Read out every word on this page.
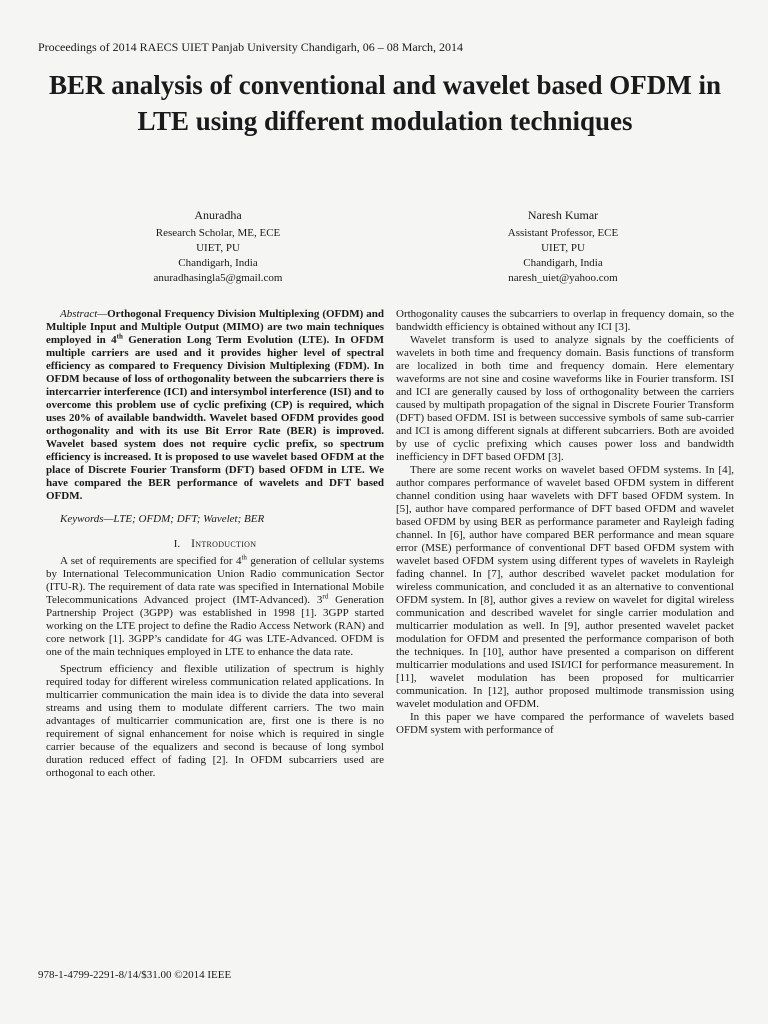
Proceedings of 2014 RAECS UIET Panjab University Chandigarh, 06 – 08 March, 2014
BER analysis of conventional and wavelet based OFDM in LTE using different modulation techniques
Anuradha
Research Scholar, ME, ECE
UIET, PU
Chandigarh, India
anuradhasingla5@gmail.com
Naresh Kumar
Assistant Professor, ECE
UIET, PU
Chandigarh, India
naresh_uiet@yahoo.com

Abstract—Orthogonal Frequency Division Multiplexing (OFDM) and Multiple Input and Multiple Output (MIMO) are two main techniques employed in 4th Generation Long Term Evolution (LTE). In OFDM multiple carriers are used and it provides higher level of spectral efficiency as compared to Frequency Division Multiplexing (FDM). In OFDM because of loss of orthogonality between the subcarriers there is intercarrier interference (ICI) and intersymbol interference (ISI) and to overcome this problem use of cyclic prefixing (CP) is required, which uses 20% of available bandwidth. Wavelet based OFDM provides good orthogonality and with its use Bit Error Rate (BER) is improved. Wavelet based system does not require cyclic prefix, so spectrum efficiency is increased. It is proposed to use wavelet based OFDM at the place of Discrete Fourier Transform (DFT) based OFDM in LTE. We have compared the BER performance of wavelets and DFT based OFDM.

Keywords—LTE; OFDM; DFT; Wavelet; BER

I. Introduction

A set of requirements are specified for 4th generation of cellular systems by International Telecommunication Union Radio communication Sector (ITU-R). The requirement of data rate was specified in International Mobile Telecommunications Advanced project (IMT-Advanced). 3rd Generation Partnership Project (3GPP) was established in 1998 [1]. 3GPP started working on the LTE project to define the Radio Access Network (RAN) and core network [1]. 3GPP’s candidate for 4G was LTE-Advanced. OFDM is one of the main techniques employed in LTE to enhance the data rate.

Spectrum efficiency and flexible utilization of spectrum is highly required today for different wireless communication related applications. In multicarrier communication the main idea is to divide the data into several streams and using them to modulate different carriers. The two main advantages of multicarrier communication are, first one is there is no requirement of signal enhancement for noise which is required in single carrier because of the equalizers and second is because of long symbol duration reduced effect of fading [2]. In OFDM subcarriers used are orthogonal to each other.

Orthogonality causes the subcarriers to overlap in frequency domain, so the bandwidth efficiency is obtained without any ICI [3].

Wavelet transform is used to analyze signals by the coefficients of wavelets in both time and frequency domain. Basis functions of transform are localized in both time and frequency domain. Here elementary waveforms are not sine and cosine waveforms like in Fourier transform. ISI and ICI are generally caused by loss of orthogonality between the carriers caused by multipath propagation of the signal in Discrete Fourier Transform (DFT) based OFDM. ISI is between successive symbols of same sub-carrier and ICI is among different signals at different subcarriers. Both are avoided by use of cyclic prefixing which causes power loss and bandwidth inefficiency in DFT based OFDM [3].

There are some recent works on wavelet based OFDM systems. In [4], author compares performance of wavelet based OFDM system in different channel condition using haar wavelets with DFT based OFDM system. In [5], author have compared performance of DFT based OFDM and wavelet based OFDM by using BER as performance parameter and Rayleigh fading channel. In [6], author have compared BER performance and mean square error (MSE) performance of conventional DFT based OFDM system with wavelet based OFDM system using different types of wavelets in Rayleigh fading channel. In [7], author described wavelet packet modulation for wireless communication, and concluded it as an alternative to conventional OFDM system. In [8], author gives a review on wavelet for digital wireless communication and described wavelet for single carrier modulation and multicarrier modulation as well. In [9], author presented wavelet packet modulation for OFDM and presented the performance comparison of both the techniques. In [10], author have presented a comparison on different multicarrier modulations and used ISI/ICI for performance measurement. In [11], wavelet modulation has been proposed for multicarrier communication. In [12], author proposed multimode transmission using wavelet modulation and OFDM.

In this paper we have compared the performance of wavelets based OFDM system with performance of

978-1-4799-2291-8/14/$31.00 ©2014 IEEE
